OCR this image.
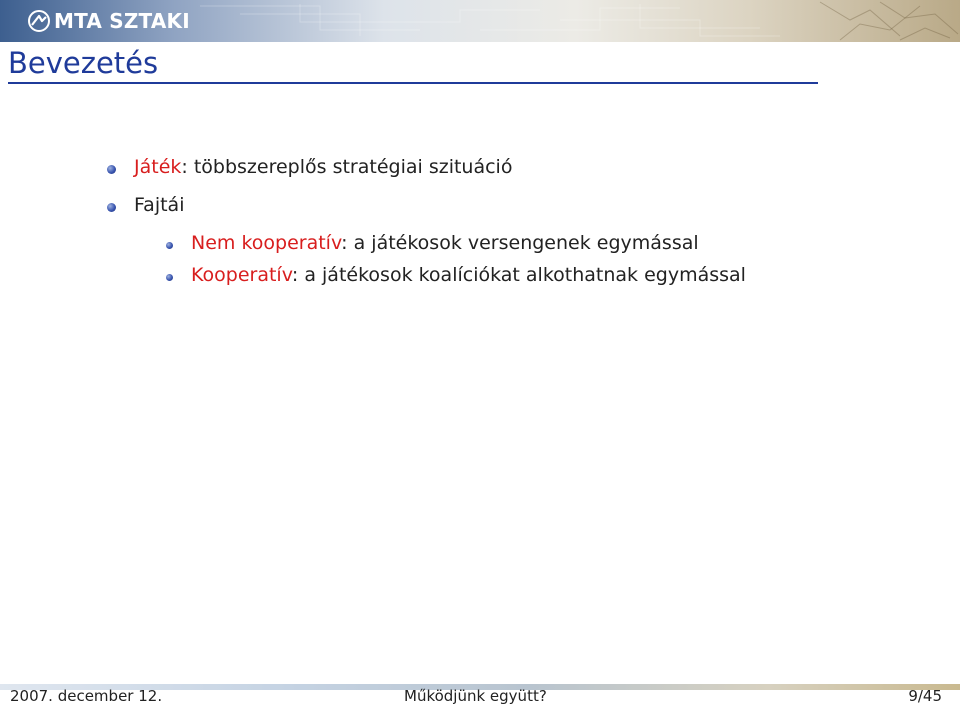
MTA SZTAKI
Bevezetés
Játék: többszereplős stratégiai szituáció
Fajtái
Nem kooperatív: a játékosok versengenek egymással
Kooperatív: a játékosok koalíciókat alkothatnak egymással
2007. december 12.	Működjünk együtt?	9/45
